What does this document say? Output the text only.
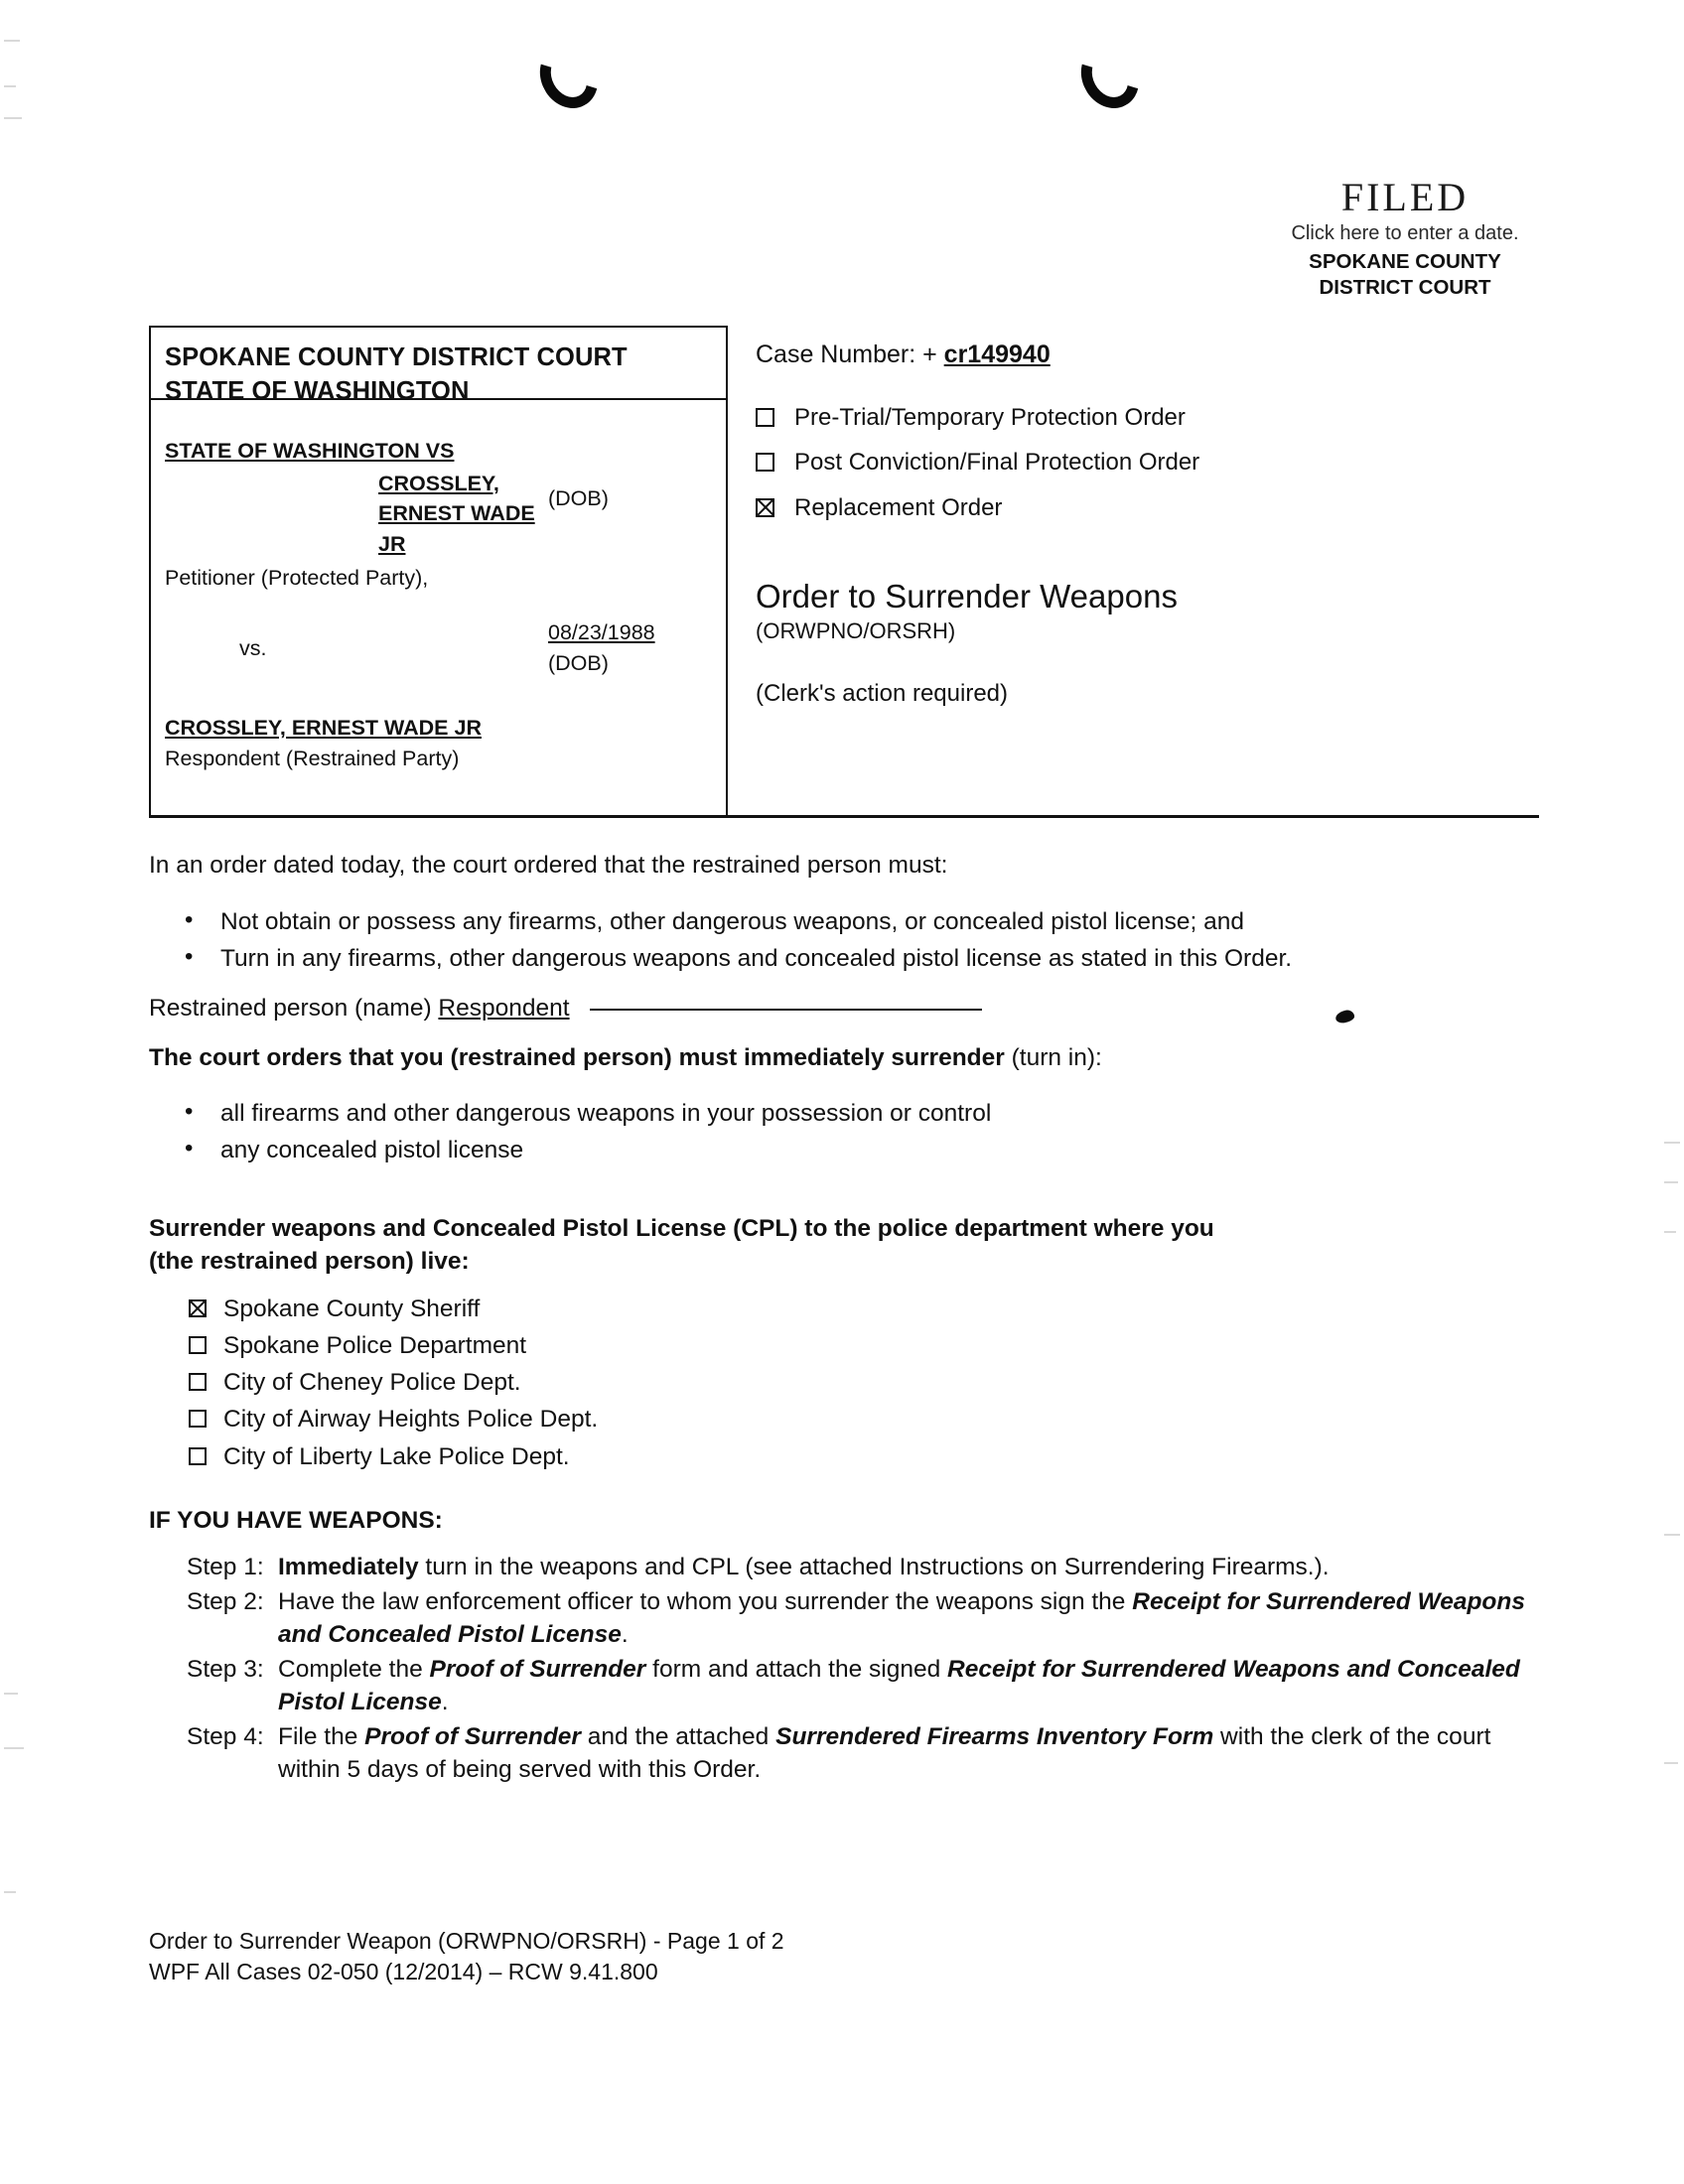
FILED
Click here to enter a date.
SPOKANE COUNTY
DISTRICT COURT
SPOKANE COUNTY DISTRICT COURT
STATE OF WASHINGTON
STATE OF WASHINGTON VS
CROSSLEY,
ERNEST WADE
JR
(DOB)
Petitioner (Protected Party),
08/23/1988
(DOB)
vs.
CROSSLEY, ERNEST WADE JR
Respondent (Restrained Party)
Case Number: + cr149940
Pre-Trial/Temporary Protection Order
Post Conviction/Final Protection Order
Replacement Order
Order to Surrender Weapons
(ORWPNO/ORSRH)
(Clerk's action required)
In an order dated today, the court ordered that the restrained person must:
• Not obtain or possess any firearms, other dangerous weapons, or concealed pistol license; and
• Turn in any firearms, other dangerous weapons and concealed pistol license as stated in this Order.
Restrained person (name) Respondent
The court orders that you (restrained person) must immediately surrender (turn in):
• all firearms and other dangerous weapons in your possession or control
• any concealed pistol license
Surrender weapons and Concealed Pistol License (CPL) to the police department where you
(the restrained person) live:
Spokane County Sheriff
Spokane Police Department
City of Cheney Police Dept.
City of Airway Heights Police Dept.
City of Liberty Lake Police Dept.
IF YOU HAVE WEAPONS:
Step 1: Immediately turn in the weapons and CPL (see attached Instructions on Surrendering Firearms.).
Step 2: Have the law enforcement officer to whom you surrender the weapons sign the Receipt for Surrendered Weapons and Concealed Pistol License.
Step 3: Complete the Proof of Surrender form and attach the signed Receipt for Surrendered Weapons and Concealed Pistol License.
Step 4: File the Proof of Surrender and the attached Surrendered Firearms Inventory Form with the clerk of the court within 5 days of being served with this Order.
Order to Surrender Weapon (ORWPNO/ORSRH) - Page 1 of 2
WPF All Cases 02-050 (12/2014) – RCW 9.41.800
